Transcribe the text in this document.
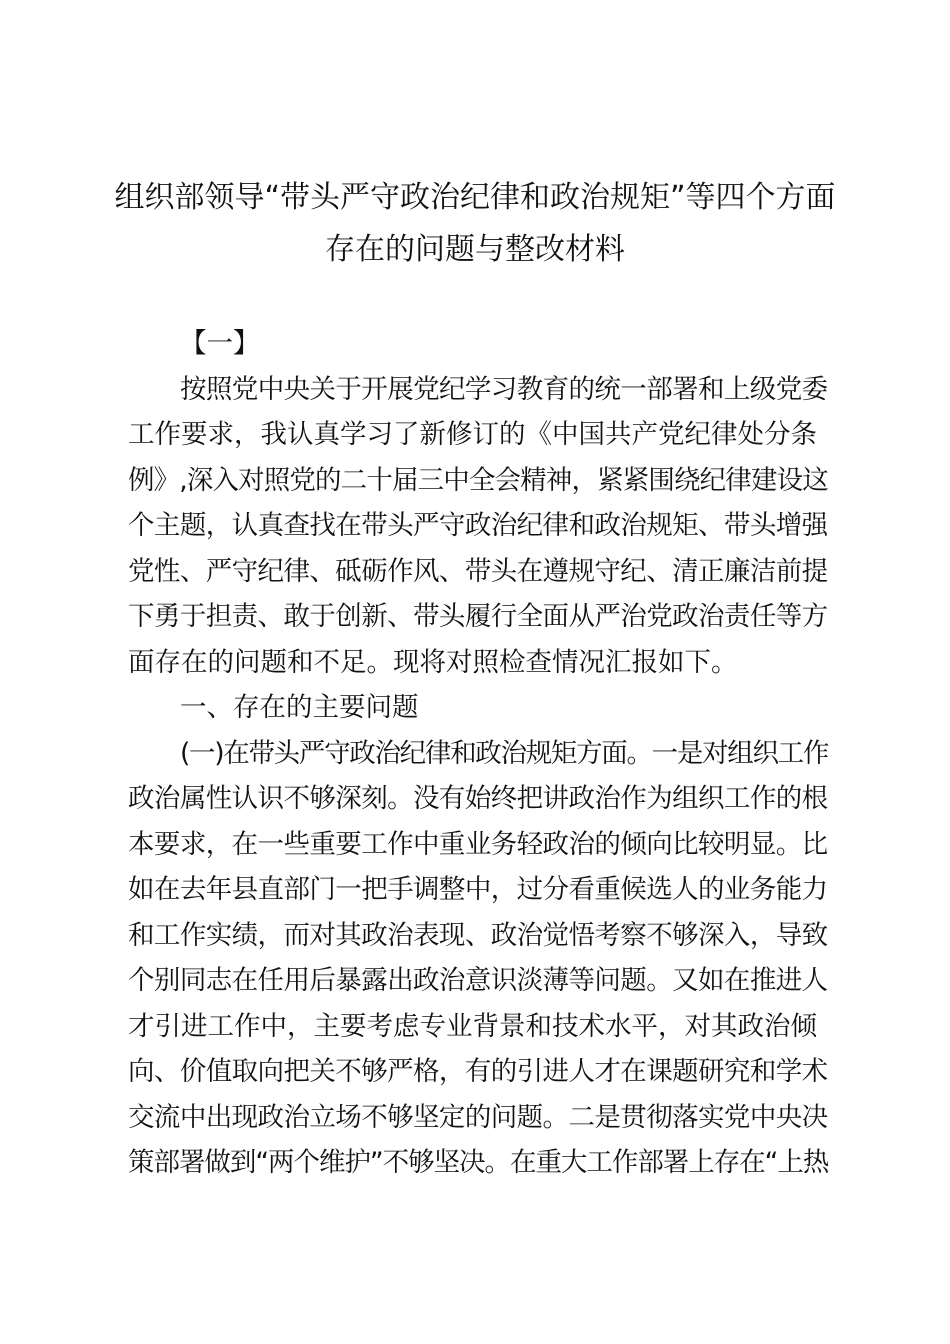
组织部领导“带头严守政治纪律和政治规矩”等四个方面
存在的问题与整改材料
【一】
按照党中央关于开展党纪学习教育的统一部署和上级党委
工作要求，我认真学习了新修订的《中国共产党纪律处分条
例》,深入对照党的二十届三中全会精神，紧紧围绕纪律建设这
个主题，认真查找在带头严守政治纪律和政治规矩、带头增强
党性、严守纪律、砥砺作风、带头在遵规守纪、清正廉洁前提
下勇于担责、敢于创新、带头履行全面从严治党政治责任等方
面存在的问题和不足。现将对照检查情况汇报如下。
一、存在的主要问题
(一)在带头严守政治纪律和政治规矩方面。一是对组织工作
政治属性认识不够深刻。没有始终把讲政治作为组织工作的根
本要求，在一些重要工作中重业务轻政治的倾向比较明显。比
如在去年县直部门一把手调整中，过分看重候选人的业务能力
和工作实绩，而对其政治表现、政治觉悟考察不够深入，导致
个别同志在任用后暴露出政治意识淡薄等问题。又如在推进人
才引进工作中，主要考虑专业背景和技术水平，对其政治倾
向、价值取向把关不够严格，有的引进人才在课题研究和学术
交流中出现政治立场不够坚定的问题。二是贯彻落实党中央决
策部署做到“两个维护”不够坚决。在重大工作部署上存在“上热
